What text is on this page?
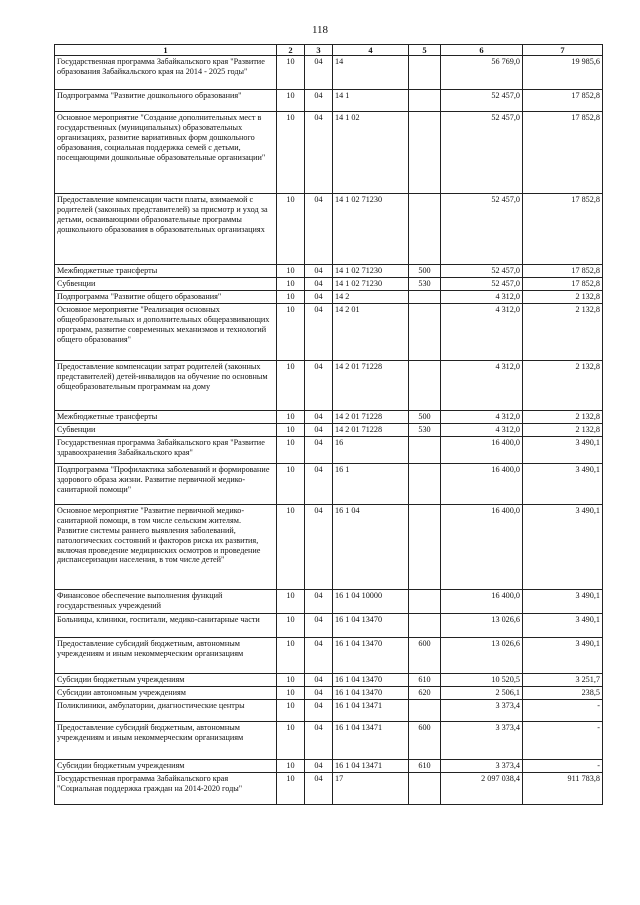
118
1	2	3	4	5	6	7
Государственная программа Забайкальского края "Развитие образования Забайкальского края на 2014 - 2025 годы"	10	04	14		56 769,0	19 985,6
Подпрограмма "Развитие дошкольного образования"	10	04	14 1		52 457,0	17 852,8
Основное мероприятие "Создание дополнительных мест в государственных (муниципальных) образовательных организациях, развитие вариативных форм дошкольного образования, социальная поддержка семей с детьми, посещающими дошкольные образовательные организации"	10	04	14 1 02		52 457,0	17 852,8
Предоставление компенсации части платы, взимаемой с родителей (законных представителей) за присмотр и уход за детьми, осваивающими образовательные программы дошкольного образования в образовательных организациях	10	04	14 1 02 71230		52 457,0	17 852,8
Межбюджетные трансферты	10	04	14 1 02 71230	500	52 457,0	17 852,8
Субвенции	10	04	14 1 02 71230	530	52 457,0	17 852,8
Подпрограмма "Развитие общего образования"	10	04	14 2		4 312,0	2 132,8
Основное мероприятие "Реализация основных общеобразовательных и дополнительных общеразвивающих программ, развитие современных механизмов и технологий общего образования"	10	04	14 2 01		4 312,0	2 132,8
Предоставление компенсации затрат родителей (законных представителей) детей-инвалидов на обучение по основным общеобразовательным программам на дому	10	04	14 2 01 71228		4 312,0	2 132,8
Межбюджетные трансферты	10	04	14 2 01 71228	500	4 312,0	2 132,8
Субвенции	10	04	14 2 01 71228	530	4 312,0	2 132,8
Государственная программа Забайкальского края "Развитие здравоохранения Забайкальского края"	10	04	16		16 400,0	3 490,1
Подпрограмма "Профилактика заболеваний и формирование здорового образа жизни. Развитие первичной медико-санитарной помощи"	10	04	16 1		16 400,0	3 490,1
Основное мероприятие "Развитие первичной медико-санитарной помощи, в том числе сельским жителям. Развитие системы раннего выявления заболеваний, патологических состояний и факторов риска их развития, включая проведение медицинских осмотров и проведение диспансеризации населения, в том числе детей"	10	04	16 1 04		16 400,0	3 490,1
Финансовое обеспечение выполнения функций государственных учреждений	10	04	16 1 04 10000		16 400,0	3 490,1
Больницы, клиники, госпитали, медико-санитарные части	10	04	16 1 04 13470		13 026,6	3 490,1
Предоставление субсидий бюджетным, автономным учреждениям и иным некоммерческим организациям	10	04	16 1 04 13470	600	13 026,6	3 490,1
Субсидии бюджетным учреждениям	10	04	16 1 04 13470	610	10 520,5	3 251,7
Субсидии автономным учреждениям	10	04	16 1 04 13470	620	2 506,1	238,5
Поликлиники, амбулатории, диагностические центры	10	04	16 1 04 13471		3 373,4	-
Предоставление субсидий бюджетным, автономным учреждениям и иным некоммерческим организациям	10	04	16 1 04 13471	600	3 373,4	-
Субсидии бюджетным учреждениям	10	04	16 1 04 13471	610	3 373,4	-
Государственная программа Забайкальского края "Социальная поддержка граждан на 2014-2020 годы"	10	04	17		2 097 038,4	911 783,8
